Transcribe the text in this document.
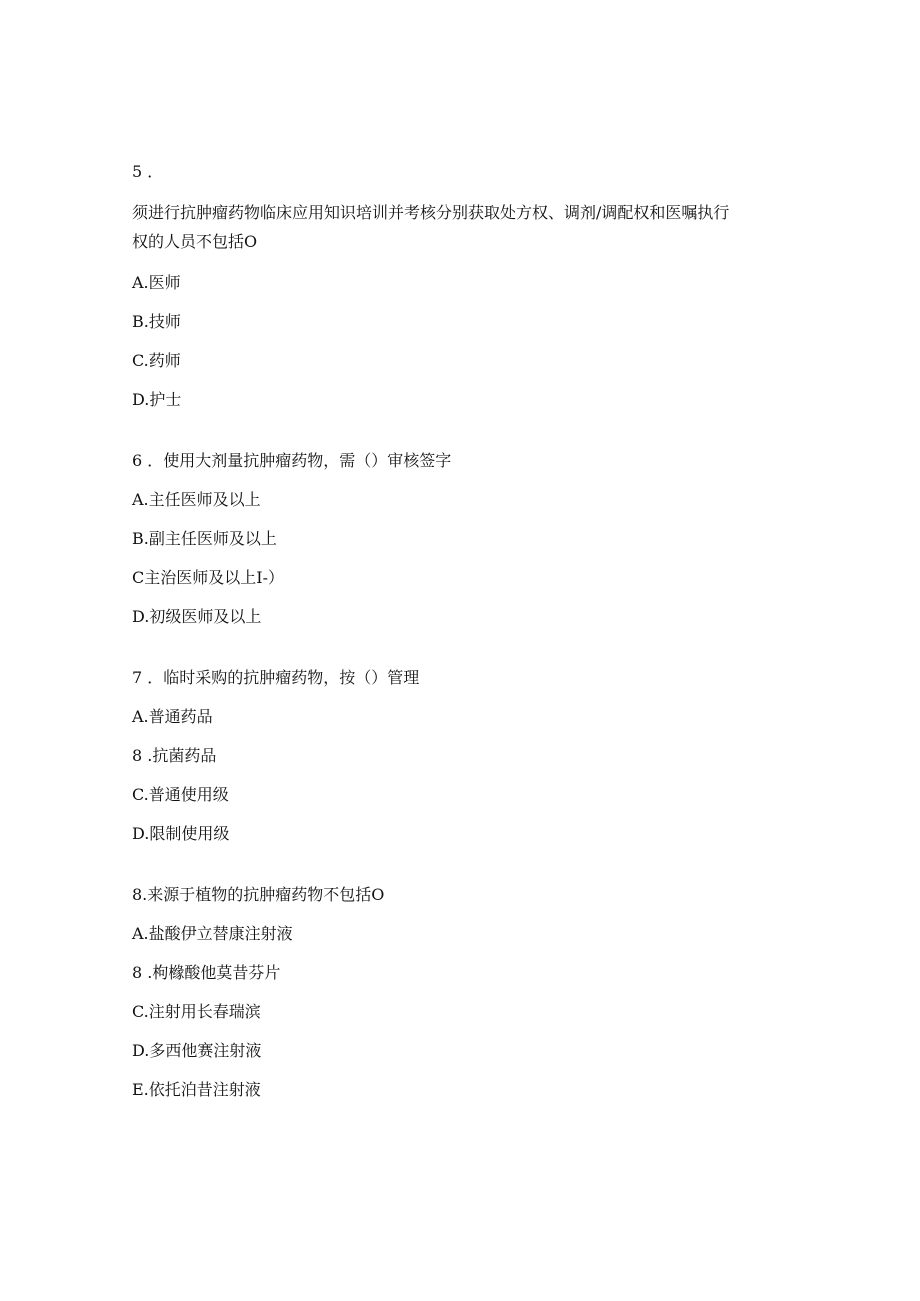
5 ．
须进行抗肿瘤药物临床应用知识培训并考核分别获取处方权、调剂/调配权和医嘱执行
权的人员不包括O
A.医师
B.技师
C.药师
D.护士
6 ．使用大剂量抗肿瘤药物，需（）审核签字
A.主任医师及以上
B.副主任医师及以上
C主治医师及以上I-）
D.初级医师及以上
7 ．临时采购的抗肿瘤药物，按（）管理
A.普通药品
8 .抗菌药品
C.普通使用级
D.限制使用级
8.来源于植物的抗肿瘤药物不包括O
A.盐酸伊立替康注射液
8 .枸橼酸他莫昔芬片
C.注射用长春瑞滨
D.多西他赛注射液
E.依托泊昔注射液
